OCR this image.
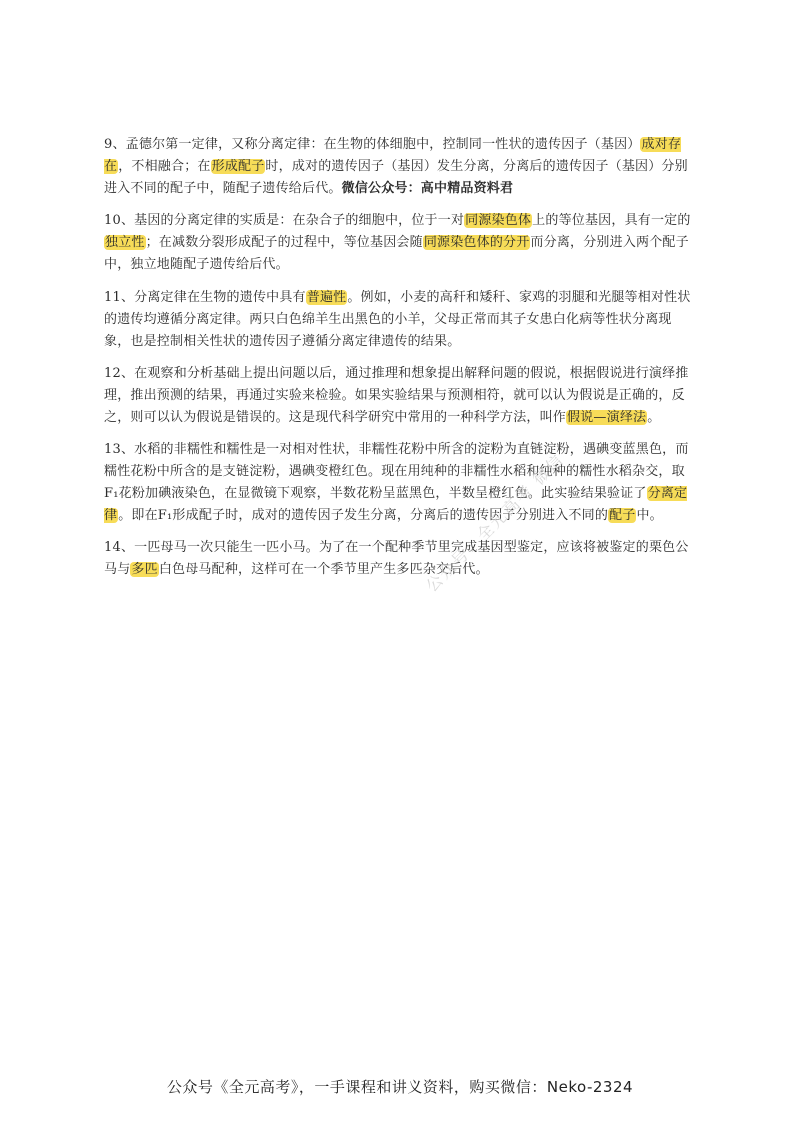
9、孟德尔第一定律，又称分离定律：在生物的体细胞中，控制同一性状的遗传因子（基因）成对存在，不相融合；在形成配子时，成对的遗传因子（基因）发生分离，分离后的遗传因子（基因）分别进入不同的配子中，随配子遗传给后代。微信公众号：高中精品资料君

10、基因的分离定律的实质是：在杂合子的细胞中，位于一对同源染色体上的等位基因，具有一定的独立性；在减数分裂形成配子的过程中，等位基因会随同源染色体的分开而分离，分别进入两个配子中，独立地随配子遗传给后代。

11、分离定律在生物的遗传中具有普遍性。例如，小麦的高秆和矮秆、家鸡的羽腿和光腿等相对性状的遗传均遵循分离定律。两只白色绵羊生出黑色的小羊，父母正常而其子女患白化病等性状分离现象，也是控制相关性状的遗传因子遵循分离定律遗传的结果。

12、在观察和分析基础上提出问题以后，通过推理和想象提出解释问题的假说，根据假说进行演绎推理，推出预测的结果，再通过实验来检验。如果实验结果与预测相符，就可以认为假说是正确的，反之，则可以认为假说是错误的。这是现代科学研究中常用的一种科学方法，叫作假说—演绎法。

13、水稻的非糯性和糯性是一对相对性状，非糯性花粉中所含的淀粉为直链淀粉，遇碘变蓝黑色，而糯性花粉中所含的是支链淀粉，遇碘变橙红色。现在用纯种的非糯性水稻和纯种的糯性水稻杂交，取F₁花粉加碘液染色，在显微镜下观察，半数花粉呈蓝黑色，半数呈橙红色。此实验结果验证了分离定律。即在F₁形成配子时，成对的遗传因子发生分离，分离后的遗传因子分别进入不同的配子中。

14、一匹母马一次只能生一匹小马。为了在一个配种季节里完成基因型鉴定，应该将被鉴定的栗色公马与多匹白色母马配种，这样可在一个季节里产生多匹杂交后代。

公众号：全元高考 微信
公众号《全元高考》，一手课程和讲义资料，购买微信：Neko-2324
